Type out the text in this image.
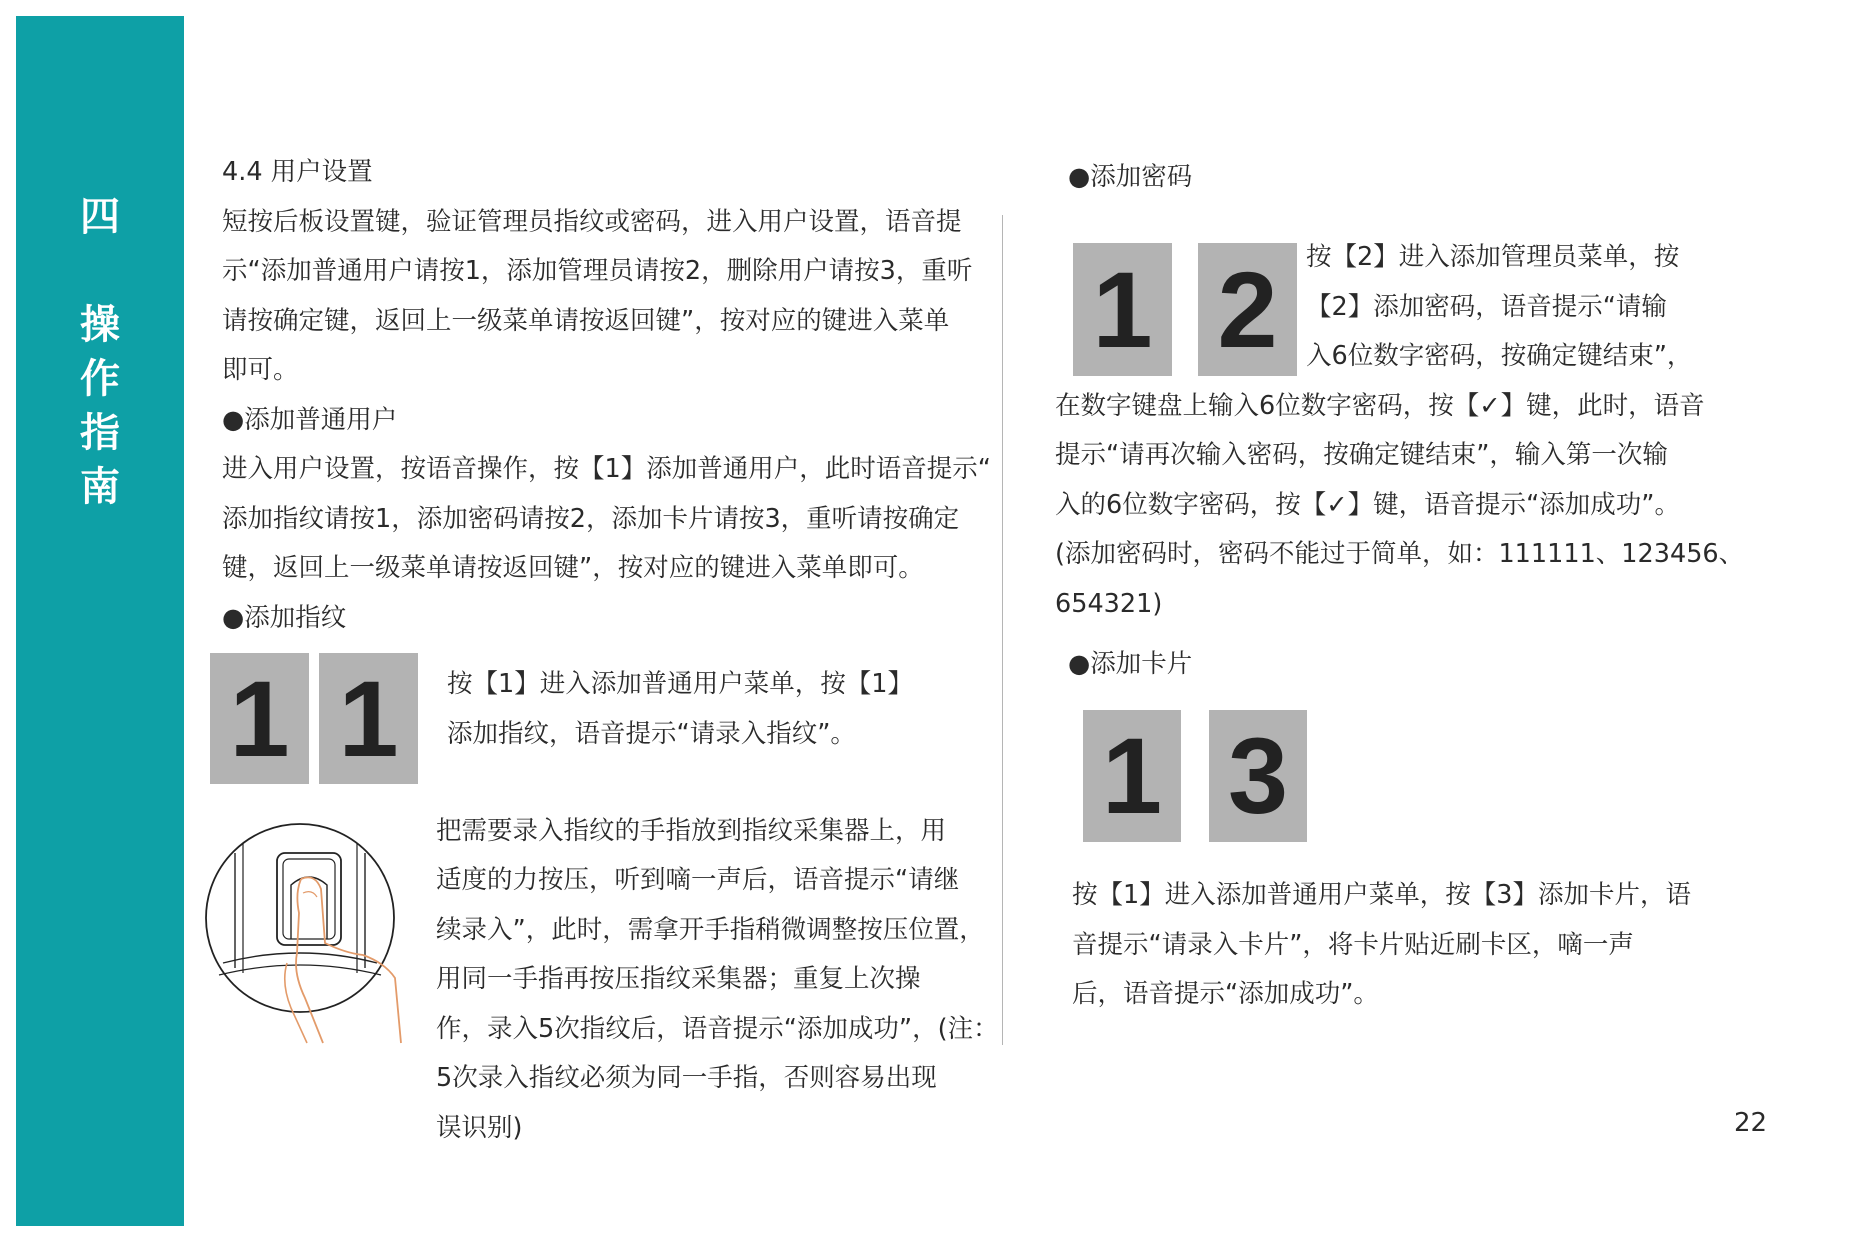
四
操
作
指
南
4.4 用户设置
短按后板设置键，验证管理员指纹或密码，进入用户设置，语音提
示“添加普通用户请按1，添加管理员请按2，删除用户请按3，重听
请按确定键，返回上一级菜单请按返回键”，按对应的键进入菜单
即可。
●添加普通用户
进入用户设置，按语音操作，按【1】添加普通用户，此时语音提示“
添加指纹请按1，添加密码请按2，添加卡片请按3，重听请按确定
键，返回上一级菜单请按返回键”，按对应的键进入菜单即可。
●添加指纹
1 1	按【1】进入添加普通用户菜单，按【1】
添加指纹，语音提示“请录入指纹”。
把需要录入指纹的手指放到指纹采集器上，用
适度的力按压，听到嘀一声后，语音提示“请继
续录入”，此时，需拿开手指稍微调整按压位置，
用同一手指再按压指纹采集器；重复上次操
作，录入5次指纹后，语音提示“添加成功”，(注：
5次录入指纹必须为同一手指，否则容易出现
误识别)
●添加密码
1 2	按【2】进入添加管理员菜单，按
【2】添加密码，语音提示“请输
入6位数字密码，按确定键结束”，
在数字键盘上输入6位数字密码，按【✓】键，此时，语音
提示“请再次输入密码，按确定键结束”，输入第一次输
入的6位数字密码，按【✓】键，语音提示“添加成功”。
(添加密码时，密码不能过于简单，如：111111、123456、
654321)
●添加卡片
1 3
按【1】进入添加普通用户菜单，按【3】添加卡片，语
音提示“请录入卡片”，将卡片贴近刷卡区，嘀一声
后，语音提示“添加成功”。
22
